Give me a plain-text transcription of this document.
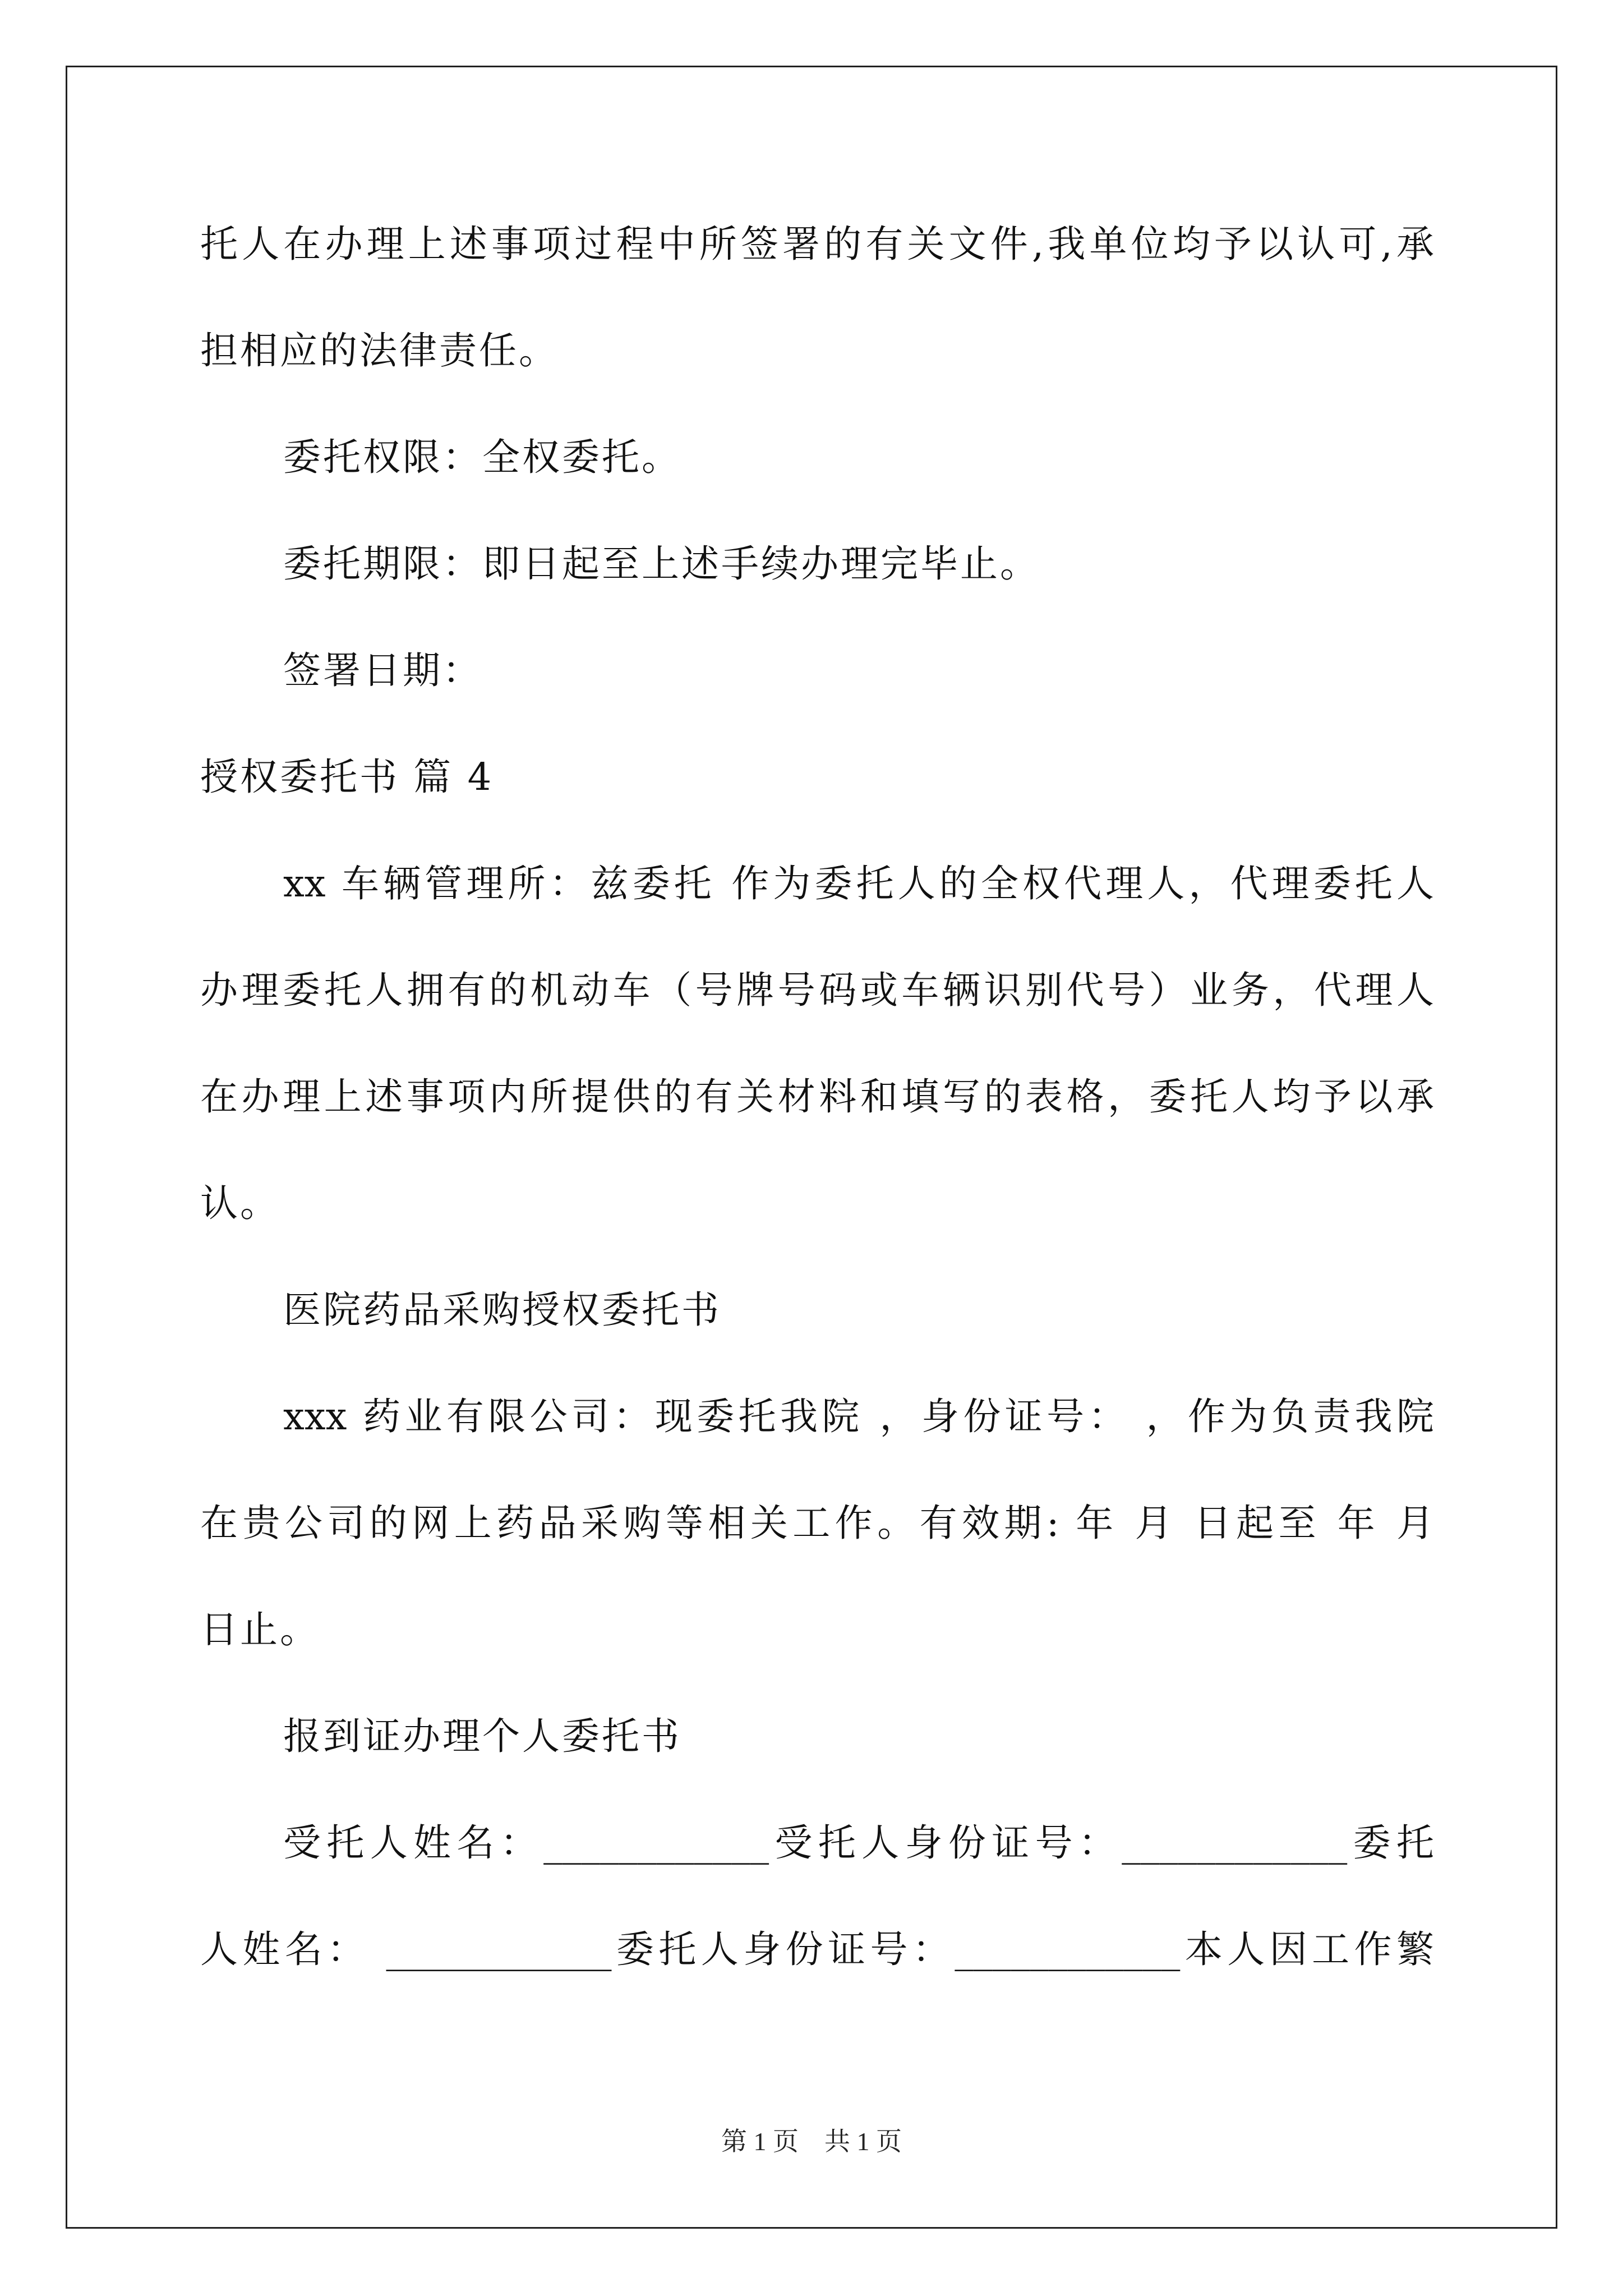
托人在办理上述事项过程中所签署的有关文件,我单位均予以认可,承
担相应的法律责任。
委托权限：全权委托。
委托期限：即日起至上述手续办理完毕止。
签署日期：
授权委托书 篇 4
xx 车辆管理所：兹委托 作为委托人的全权代理人，代理委托人
办理委托人拥有的机动车（号牌号码或车辆识别代号）业务，代理人
在办理上述事项内所提供的有关材料和填写的表格，委托人均予以承
认。
医院药品采购授权委托书
xxx 药业有限公司：现委托我院 ，身份证号： ，作为负责我院
在贵公司的网上药品采购等相关工作。有效期: 年 月 日起至 年 月
日止。
报到证办理个人委托书
受托人姓名：____________受托人身份证号：____________委托
人姓名： ____________委托人身份证号：____________本人因工作繁
第 1 页　共 1 页
